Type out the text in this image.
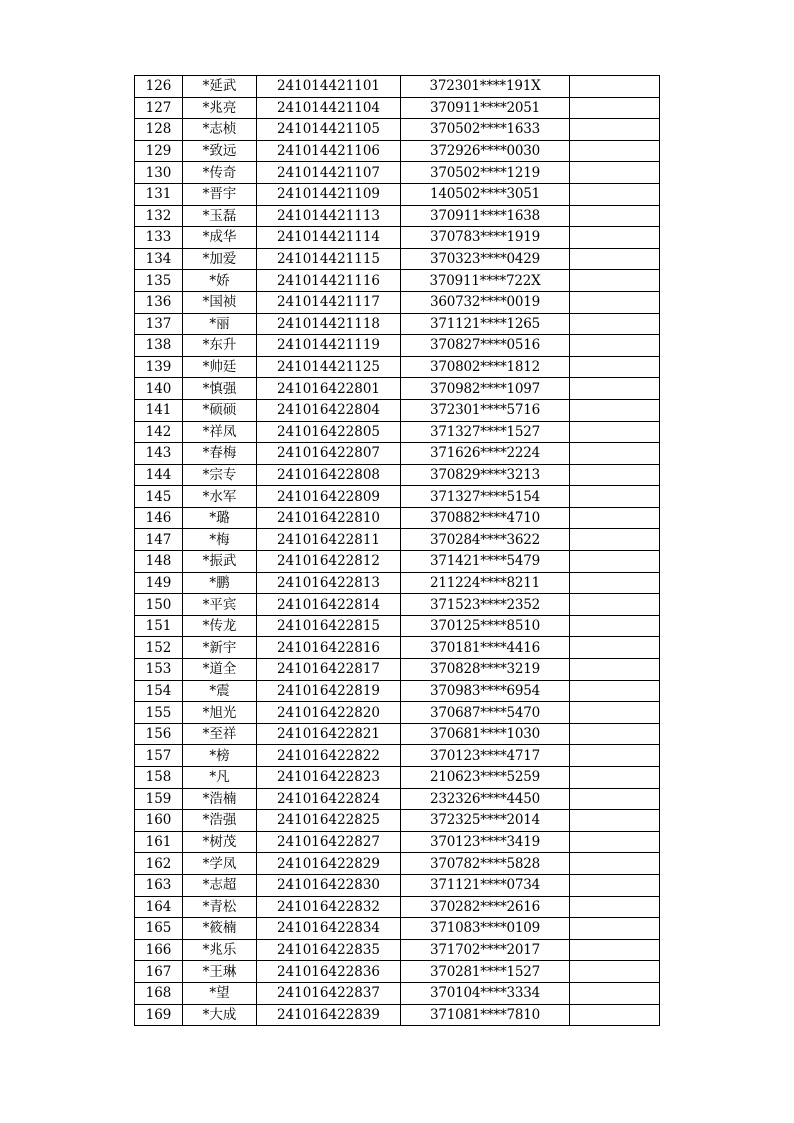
126	*延武	241014421101	372301****191X	
127	*兆亮	241014421104	370911****2051	
128	*志桢	241014421105	370502****1633	
129	*致远	241014421106	372926****0030	
130	*传奇	241014421107	370502****1219	
131	*晋宇	241014421109	140502****3051	
132	*玉磊	241014421113	370911****1638	
133	*成华	241014421114	370783****1919	
134	*加爱	241014421115	370323****0429	
135	*娇	241014421116	370911****722X	
136	*国祯	241014421117	360732****0019	
137	*丽	241014421118	371121****1265	
138	*东升	241014421119	370827****0516	
139	*帅廷	241014421125	370802****1812	
140	*慎强	241016422801	370982****1097	
141	*硕硕	241016422804	372301****5716	
142	*祥凤	241016422805	371327****1527	
143	*春梅	241016422807	371626****2224	
144	*宗专	241016422808	370829****3213	
145	*水军	241016422809	371327****5154	
146	*璐	241016422810	370882****4710	
147	*梅	241016422811	370284****3622	
148	*振武	241016422812	371421****5479	
149	*鹏	241016422813	211224****8211	
150	*平宾	241016422814	371523****2352	
151	*传龙	241016422815	370125****8510	
152	*新宇	241016422816	370181****4416	
153	*道全	241016422817	370828****3219	
154	*震	241016422819	370983****6954	
155	*旭光	241016422820	370687****5470	
156	*至祥	241016422821	370681****1030	
157	*榜	241016422822	370123****4717	
158	*凡	241016422823	210623****5259	
159	*浩楠	241016422824	232326****4450	
160	*浩强	241016422825	372325****2014	
161	*树茂	241016422827	370123****3419	
162	*学凤	241016422829	370782****5828	
163	*志超	241016422830	371121****0734	
164	*青松	241016422832	370282****2616	
165	*筱楠	241016422834	371083****0109	
166	*兆乐	241016422835	371702****2017	
167	*王琳	241016422836	370281****1527	
168	*望	241016422837	370104****3334	
169	*大成	241016422839	371081****7810	
